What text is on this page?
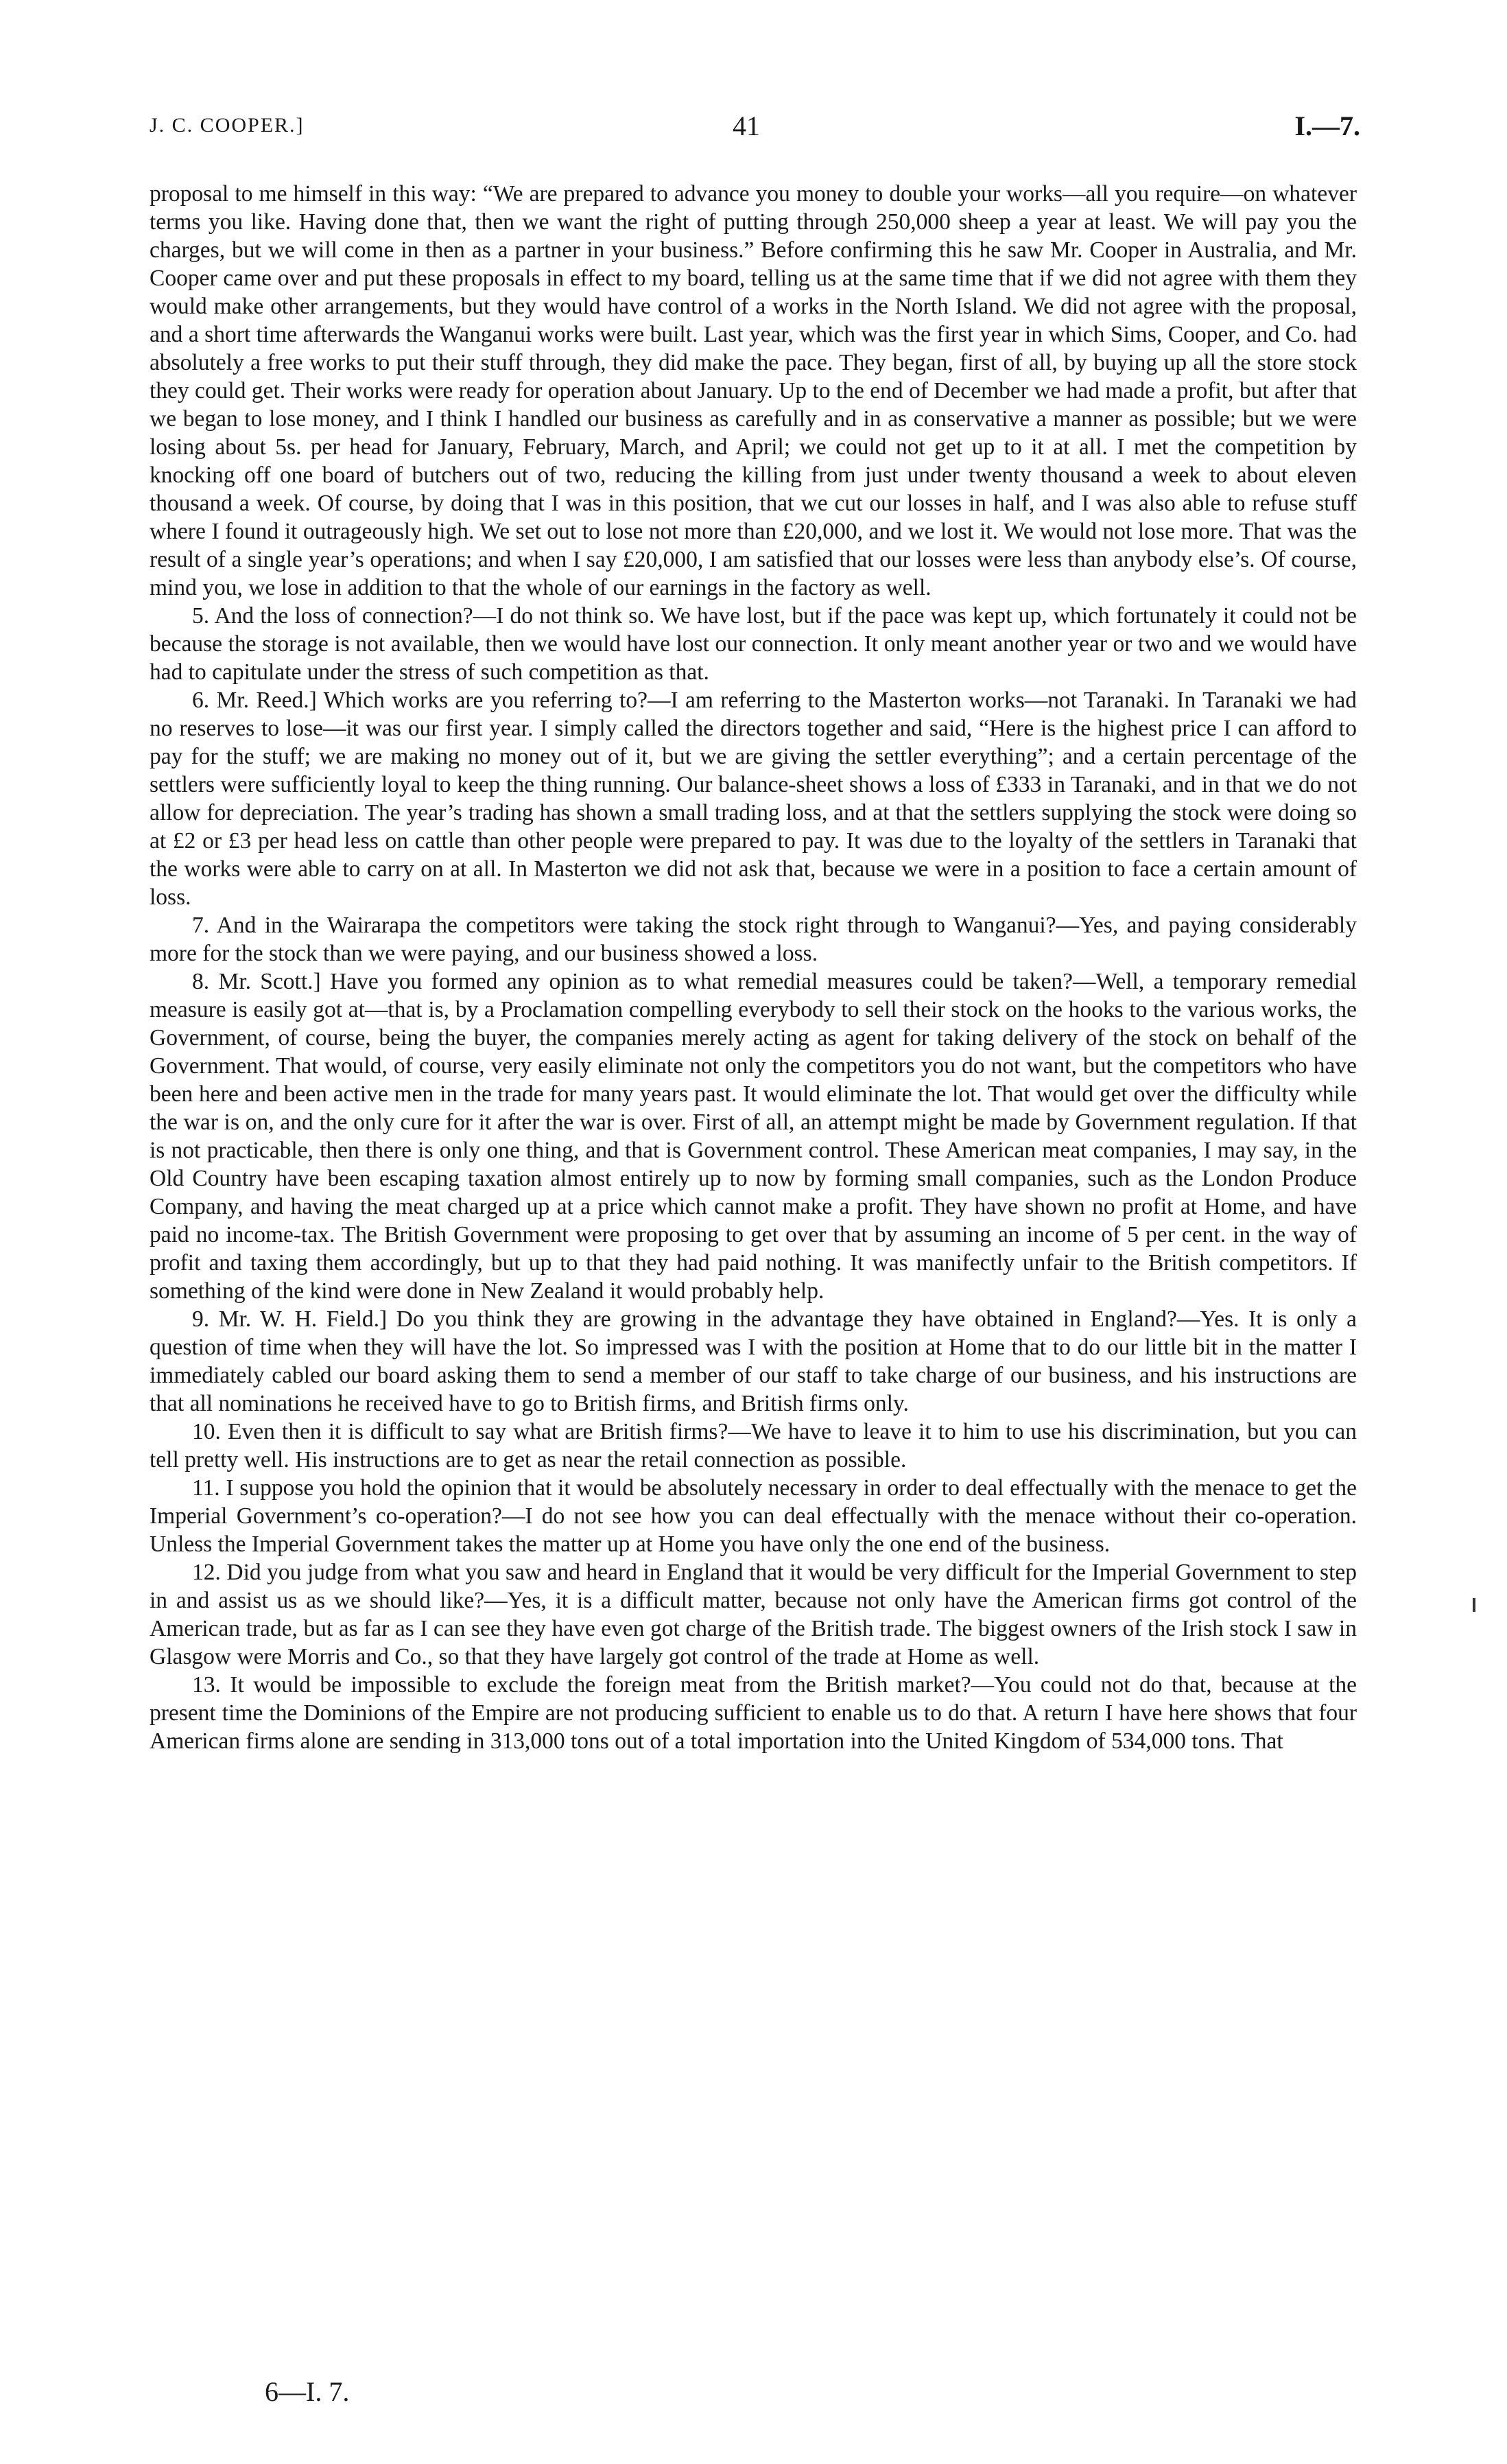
J. C. COOPER.]	41	I.—7.

proposal to me himself in this way: “We are prepared to advance you money to double your works—all you require—on whatever terms you like. Having done that, then we want the right of putting through 250,000 sheep a year at least. We will pay you the charges, but we will come in then as a partner in your business.” Before confirming this he saw Mr. Cooper in Australia, and Mr. Cooper came over and put these proposals in effect to my board, telling us at the same time that if we did not agree with them they would make other arrangements, but they would have control of a works in the North Island. We did not agree with the proposal, and a short time afterwards the Wanganui works were built. Last year, which was the first year in which Sims, Cooper, and Co. had absolutely a free works to put their stuff through, they did make the pace. They began, first of all, by buying up all the store stock they could get. Their works were ready for operation about January. Up to the end of December we had made a profit, but after that we began to lose money, and I think I handled our business as carefully and in as conservative a manner as possible; but we were losing about 5s. per head for January, February, March, and April; we could not get up to it at all. I met the competition by knocking off one board of butchers out of two, reducing the killing from just under twenty thousand a week to about eleven thousand a week. Of course, by doing that I was in this position, that we cut our losses in half, and I was also able to refuse stuff where I found it outrageously high. We set out to lose not more than £20,000, and we lost it. We would not lose more. That was the result of a single year’s operations; and when I say £20,000, I am satisfied that our losses were less than anybody else’s. Of course, mind you, we lose in addition to that the whole of our earnings in the factory as well.

5. And the loss of connection?—I do not think so. We have lost, but if the pace was kept up, which fortunately it could not be because the storage is not available, then we would have lost our connection. It only meant another year or two and we would have had to capitulate under the stress of such competition as that.

6. Mr. Reed.] Which works are you referring to?—I am referring to the Masterton works—not Taranaki. In Taranaki we had no reserves to lose—it was our first year. I simply called the directors together and said, “Here is the highest price I can afford to pay for the stuff; we are making no money out of it, but we are giving the settler everything”; and a certain percentage of the settlers were sufficiently loyal to keep the thing running. Our balance-sheet shows a loss of £333 in Taranaki, and in that we do not allow for depreciation. The year’s trading has shown a small trading loss, and at that the settlers supplying the stock were doing so at £2 or £3 per head less on cattle than other people were prepared to pay. It was due to the loyalty of the settlers in Taranaki that the works were able to carry on at all. In Masterton we did not ask that, because we were in a position to face a certain amount of loss.

7. And in the Wairarapa the competitors were taking the stock right through to Wanganui?—Yes, and paying considerably more for the stock than we were paying, and our business showed a loss.

8. Mr. Scott.] Have you formed any opinion as to what remedial measures could be taken?—Well, a temporary remedial measure is easily got at—that is, by a Proclamation compelling everybody to sell their stock on the hooks to the various works, the Government, of course, being the buyer, the companies merely acting as agent for taking delivery of the stock on behalf of the Government. That would, of course, very easily eliminate not only the competitors you do not want, but the competitors who have been here and been active men in the trade for many years past. It would eliminate the lot. That would get over the difficulty while the war is on, and the only cure for it after the war is over. First of all, an attempt might be made by Government regulation. If that is not practicable, then there is only one thing, and that is Government control. These American meat companies, I may say, in the Old Country have been escaping taxation almost entirely up to now by forming small companies, such as the London Produce Company, and having the meat charged up at a price which cannot make a profit. They have shown no profit at Home, and have paid no income-tax. The British Government were proposing to get over that by assuming an income of 5 per cent. in the way of profit and taxing them accordingly, but up to that they had paid nothing. It was manifectly unfair to the British competitors. If something of the kind were done in New Zealand it would probably help.

9. Mr. W. H. Field.] Do you think they are growing in the advantage they have obtained in England?—Yes. It is only a question of time when they will have the lot. So impressed was I with the position at Home that to do our little bit in the matter I immediately cabled our board asking them to send a member of our staff to take charge of our business, and his instructions are that all nominations he received have to go to British firms, and British firms only.

10. Even then it is difficult to say what are British firms?—We have to leave it to him to use his discrimination, but you can tell pretty well. His instructions are to get as near the retail connection as possible.

11. I suppose you hold the opinion that it would be absolutely necessary in order to deal effectually with the menace to get the Imperial Government’s co-operation?—I do not see how you can deal effectually with the menace without their co-operation. Unless the Imperial Government takes the matter up at Home you have only the one end of the business.

12. Did you judge from what you saw and heard in England that it would be very difficult for the Imperial Government to step in and assist us as we should like?—Yes, it is a difficult matter, because not only have the American firms got control of the American trade, but as far as I can see they have even got charge of the British trade. The biggest owners of the Irish stock I saw in Glasgow were Morris and Co., so that they have largely got control of the trade at Home as well.

13. It would be impossible to exclude the foreign meat from the British market?—You could not do that, because at the present time the Dominions of the Empire are not producing sufficient to enable us to do that. A return I have here shows that four American firms alone are sending in 313,000 tons out of a total importation into the United Kingdom of 534,000 tons. That

6—I. 7.
